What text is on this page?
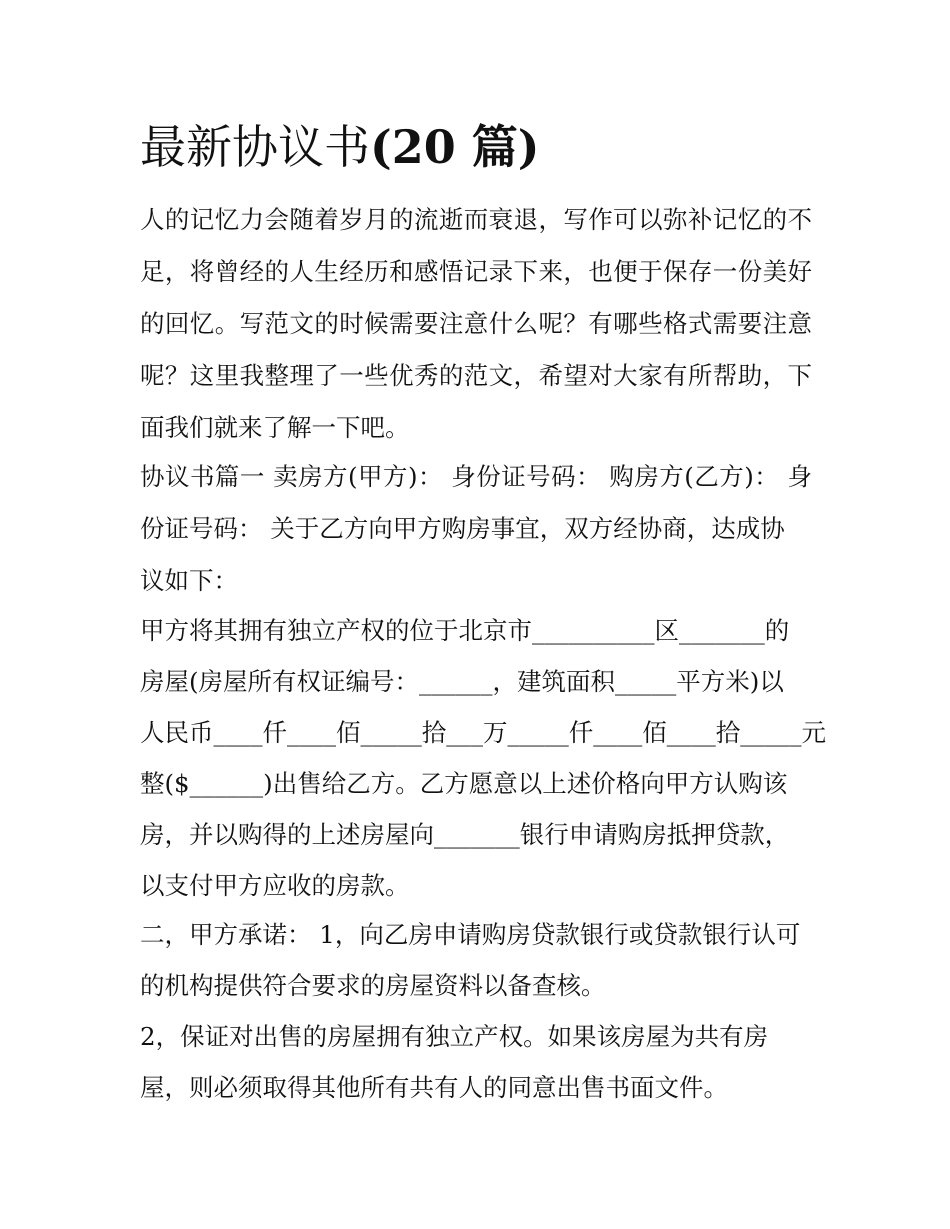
最新协议书(20 篇)

人的记忆力会随着岁月的流逝而衰退，写作可以弥补记忆的不

足，将曾经的人生经历和感悟记录下来，也便于保存一份美好

的回忆。写范文的时候需要注意什么呢？有哪些格式需要注意

呢？这里我整理了一些优秀的范文，希望对大家有所帮助，下

面我们就来了解一下吧。

协议书篇一 卖房方(甲方)： 身份证号码： 购房方(乙方)： 身

份证号码： 关于乙方向甲方购房事宜，双方经协商，达成协

议如下：

甲方将其拥有独立产权的位于北京市__________区_______的

房屋(房屋所有权证编号：______，建筑面积_____平方米)以

人民币____仟____佰_____拾___万_____仟____佰____拾_____元

整($______)出售给乙方。乙方愿意以上述价格向甲方认购该

房，并以购得的上述房屋向_______银行申请购房抵押贷款，

以支付甲方应收的房款。

二，甲方承诺： 1，向乙房申请购房贷款银行或贷款银行认可

的机构提供符合要求的房屋资料以备查核。

2，保证对出售的房屋拥有独立产权。如果该房屋为共有房

屋，则必须取得其他所有共有人的同意出售书面文件。
